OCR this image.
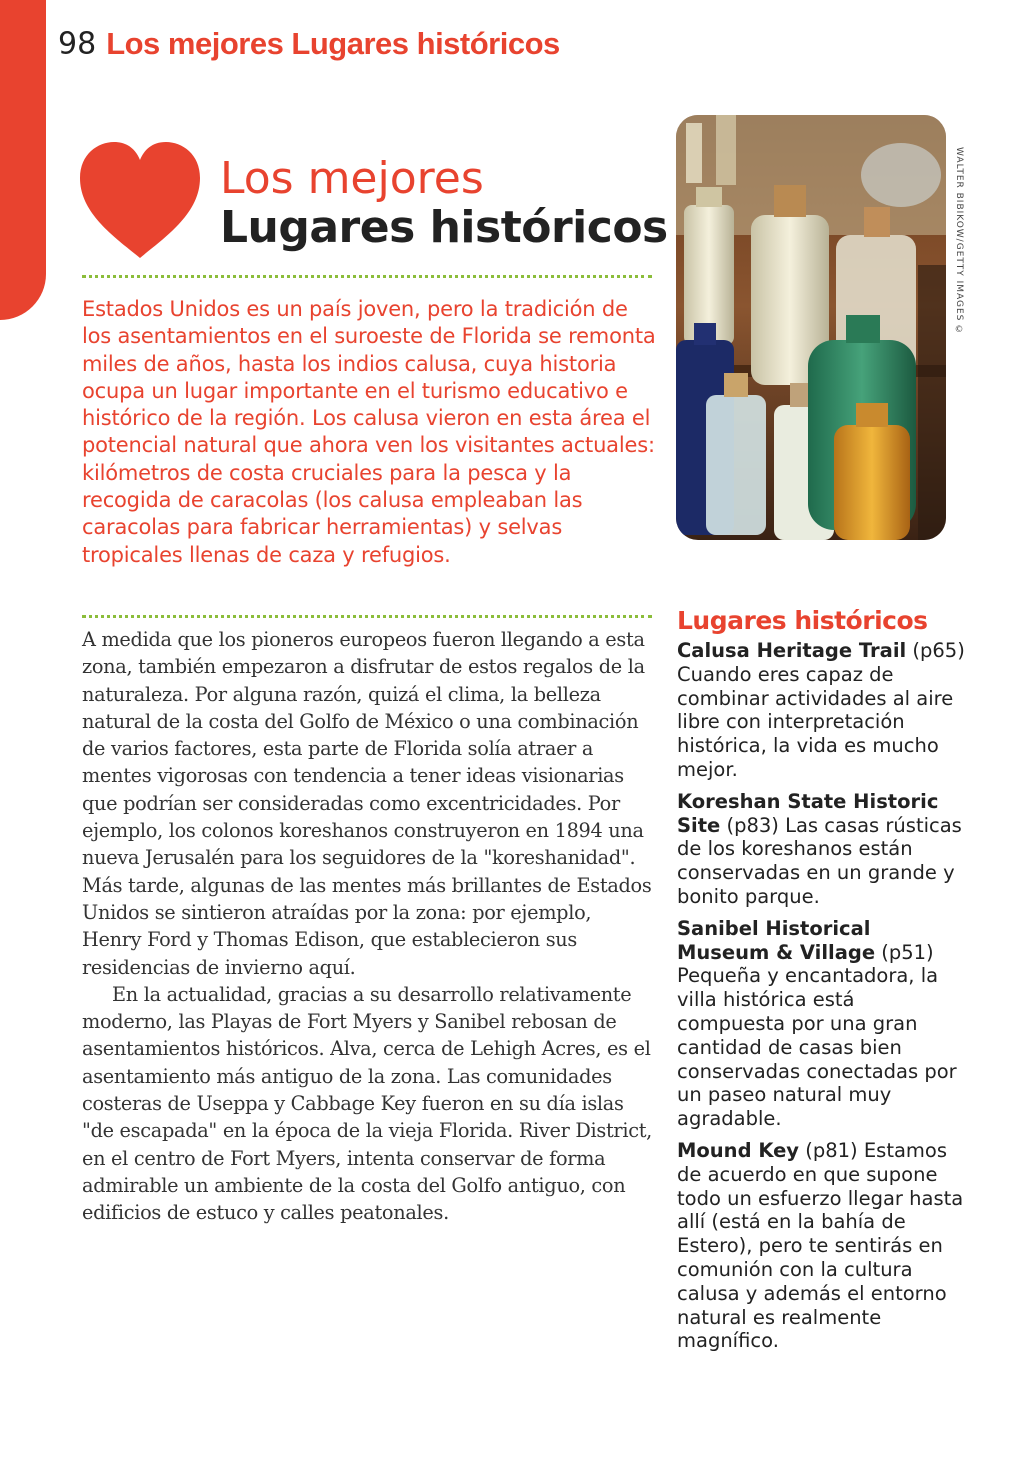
98 Los mejores Lugares históricos
Los mejores
Lugares históricos

Estados Unidos es un país joven, pero la tradición de los asentamientos en el suroeste de Florida se remonta miles de años, hasta los indios calusa, cuya historia ocupa un lugar importante en el turismo educativo e histórico de la región. Los calusa vieron en esta área el potencial natural que ahora ven los visitantes actuales: kilómetros de costa cruciales para la pesca y la recogida de caracolas (los calusa empleaban las caracolas para fabricar herramientas) y selvas tropicales llenas de caza y refugios.

A medida que los pioneros europeos fueron llegando a esta zona, también empezaron a disfrutar de estos regalos de la naturaleza. Por alguna razón, quizá el clima, la belleza natural de la costa del Golfo de México o una combinación de varios factores, esta parte de Florida solía atraer a mentes vigorosas con tendencia a tener ideas visionarias que podrían ser consideradas como excentricidades. Por ejemplo, los colonos koreshanos construyeron en 1894 una nueva Jerusalén para los seguidores de la "koreshanidad". Más tarde, algunas de las mentes más brillantes de Estados Unidos se sintieron atraídas por la zona: por ejemplo, Henry Ford y Thomas Edison, que establecieron sus residencias de invierno aquí.

En la actualidad, gracias a su desarrollo relativamente moderno, las Playas de Fort Myers y Sanibel rebosan de asentamientos históricos. Alva, cerca de Lehigh Acres, es el asentamiento más antiguo de la zona. Las comunidades costeras de Useppa y Cabbage Key fueron en su día islas "de escapada" en la época de la vieja Florida. River District, en el centro de Fort Myers, intenta conservar de forma admirable un ambiente de la costa del Golfo antiguo, con edificios de estuco y calles peatonales.

WALTER BIBIKOW/GETTY IMAGES ©
Lugares históricos

Calusa Heritage Trail (p65) Cuando eres capaz de combinar actividades al aire libre con interpretación histórica, la vida es mucho mejor.

Koreshan State Historic Site (p83) Las casas rústicas de los koreshanos están conservadas en un grande y bonito parque.

Sanibel Historical Museum & Village (p51) Pequeña y encantadora, la villa histórica está compuesta por una gran cantidad de casas bien conservadas conectadas por un paseo natural muy agradable.

Mound Key (p81) Estamos de acuerdo en que supone todo un esfuerzo llegar hasta allí (está en la bahía de Estero), pero te sentirás en comunión con la cultura calusa y además el entorno natural es realmente magnífico.
